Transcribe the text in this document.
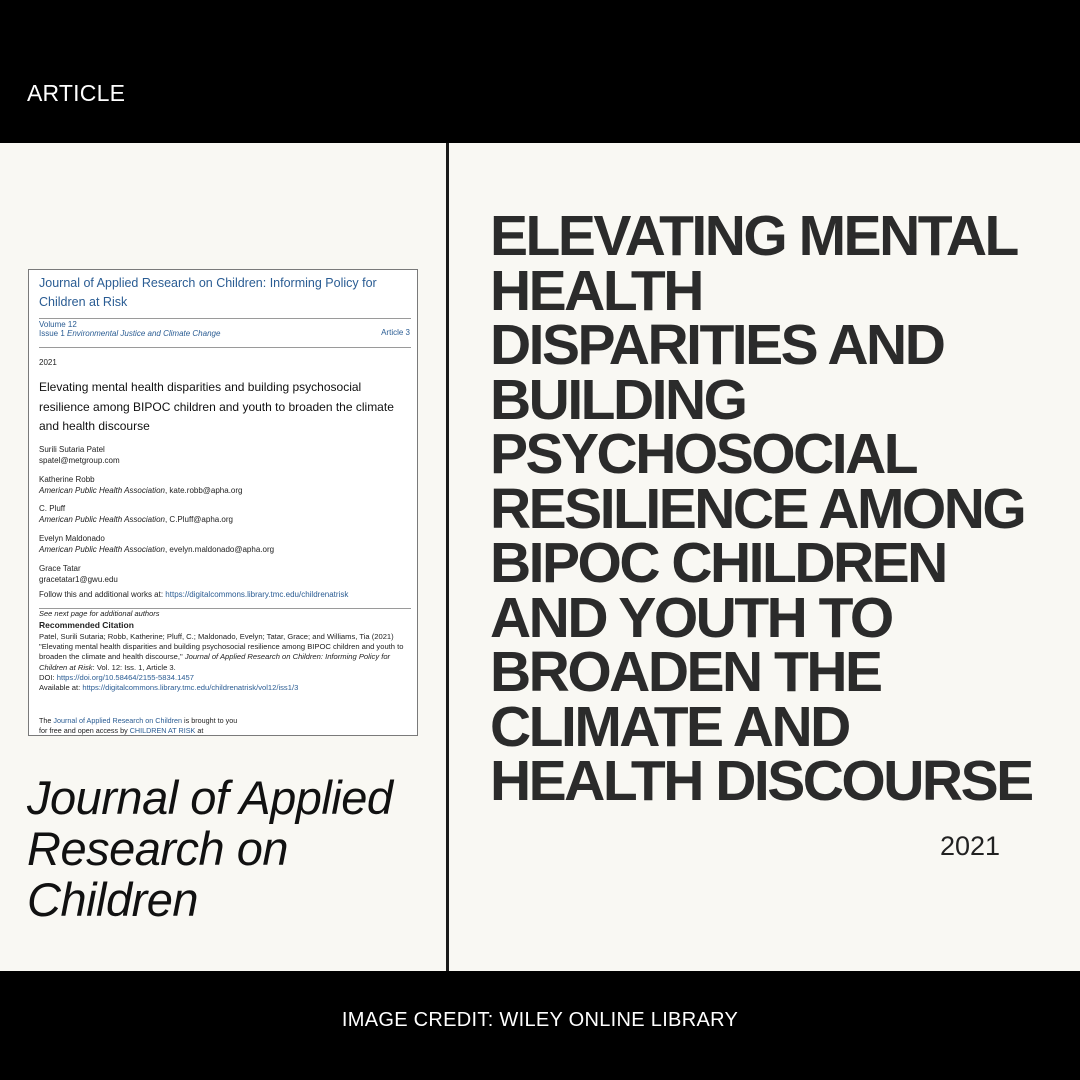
ARTICLE
Journal of Applied Research on Children: Informing Policy for Children at Risk
Volume 12
Issue 1 Environmental Justice and Climate Change	Article 3
2021
Elevating mental health disparities and building psychosocial resilience among BIPOC children and youth to broaden the climate and health discourse
Surili Sutaria Patel
spatel@metgroup.com
Katherine Robb
American Public Health Association, kate.robb@apha.org
C. Pluff
American Public Health Association, C.Pluff@apha.org
Evelyn Maldonado
American Public Health Association, evelyn.maldonado@apha.org
Grace Tatar
gracetatar1@gwu.edu
Follow this and additional works at: https://digitalcommons.library.tmc.edu/childrenatrisk
See next page for additional authors
Recommended Citation
Patel, Surili Sutaria; Robb, Katherine; Pluff, C.; Maldonado, Evelyn; Tatar, Grace; and Williams, Tia (2021) "Elevating mental health disparities and building psychosocial resilience among BIPOC children and youth to broaden the climate and health discourse," Journal of Applied Research on Children: Informing Policy for Children at Risk: Vol. 12: Iss. 1, Article 3.
DOI: https://doi.org/10.58464/2155-5834.1457
Available at: https://digitalcommons.library.tmc.edu/childrenatrisk/vol12/iss1/3
The Journal of Applied Research on Children is brought to you for free and open access by CHILDREN AT RISK at
Journal of Applied Research on Children
ELEVATING MENTAL
HEALTH
DISPARITIES AND
BUILDING
PSYCHOSOCIAL
RESILIENCE AMONG
BIPOC CHILDREN
AND YOUTH TO
BROADEN THE
CLIMATE AND
HEALTH DISCOURSE
2021
IMAGE CREDIT: WILEY ONLINE LIBRARY
